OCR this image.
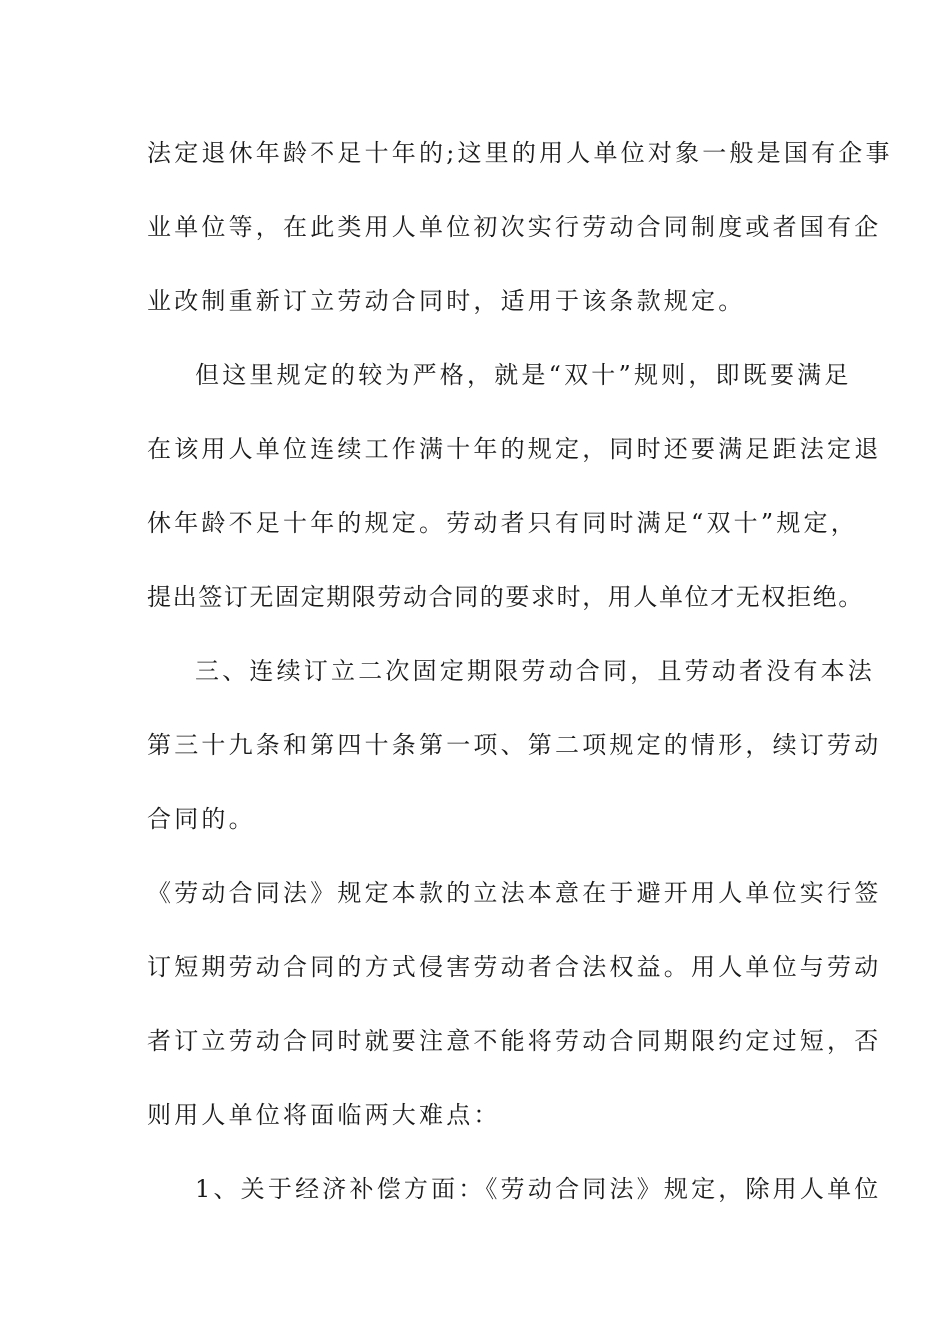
法定退休年龄不足十年的;这里的用人单位对象一般是国有企事
业单位等，在此类用人单位初次实行劳动合同制度或者国有企
业改制重新订立劳动合同时，适用于该条款规定。
但这里规定的较为严格，就是“双十”规则，即既要满足
在该用人单位连续工作满十年的规定，同时还要满足距法定退
休年龄不足十年的规定。劳动者只有同时满足“双十”规定，
提出签订无固定期限劳动合同的要求时，用人单位才无权拒绝。
三、连续订立二次固定期限劳动合同，且劳动者没有本法
第三十九条和第四十条第一项、第二项规定的情形，续订劳动
合同的。
《劳动合同法》规定本款的立法本意在于避开用人单位实行签
订短期劳动合同的方式侵害劳动者合法权益。用人单位与劳动
者订立劳动合同时就要注意不能将劳动合同期限约定过短，否
则用人单位将面临两大难点：
1、关于经济补偿方面：《劳动合同法》规定，除用人单位
